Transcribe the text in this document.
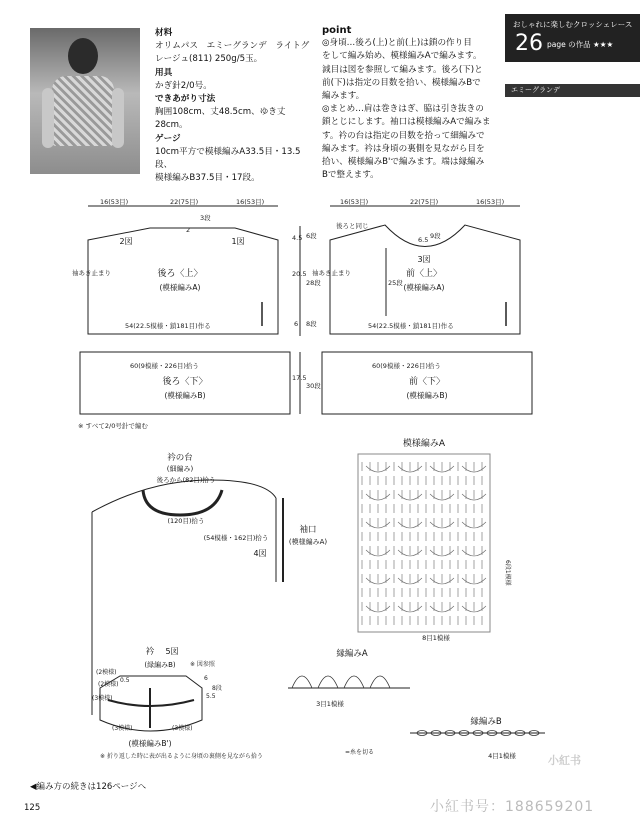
材料
オリムパス　エミーグランデ　ライトグ
レージュ(811) 250g/5玉。
用具
かぎ針2/0号。
できあがり寸法
胸囲108cm、丈48.5cm、ゆき丈28cm。
ゲージ
10cm平方で模様編みA33.5目・13.5段、
模様編みB37.5目・17段。
point
◎身頃…後ろ(上)と前(上)は鎖の作り目
をして編み始め、模様編みAで編みます。
減目は図を参照して編みます。後ろ(下)と
前(下)は指定の目数を拾い、模様編みBで
編みます。
◎まとめ…肩は巻きはぎ、脇は引き抜きの
鎖とじにします。袖口は模様編みAで編みま
す。衿の台は指定の目数を拾って細編みで
編みます。衿は身頃の裏側を見ながら目を
拾い、模様編みB'で編みます。端は縁編み
Bで整えます。
おしゃれに楽しむクロッシェレース
26 page の作品 ★★★
エミーグランデ
16(53目)	22(75目)	16(53目)	16(53目)	22(75目)	16(53目)
4.5
20.5
6
17.5
6.5
6段
28段
8段
30段
25段
9段
3段
2	後ろと同じ
袖あき止まり	袖あき止まり
54(22.5模様・鎖181目)作る	54(22.5模様・鎖181目)作る
60(9模様・226目)拾う	60(9模様・226目)拾う
※ すべて2/0号針で編む
後ろ〈上〉
(模様編みA)
2図	1図
前〈上〉
(模様編みA)
3図
後ろ〈下〉
(模様編みB)
前〈下〉
(模様編みB)
衿の台
(細編み)
後ろから(82目)拾う
(120目)拾う
(54模様・162目)拾う
袖口
(模様編みA)
4図
模様編みA
8目1模様
衿 5図
(緑編みB)
(模様編みB')
縁編みA
3目1模様
縁編みB
4目1模様
6段1模様
※ 図参照
(2模様)
(3模様)
(3模様)	(3模様)
(2模様)
0.5
5.5
6
8段
※ 折り返した時に表が出るように身頃の裏側を見ながら拾う
=糸を切る
◀編み方の続きは126ページへ
125
小紅书
小紅书号：188659201
